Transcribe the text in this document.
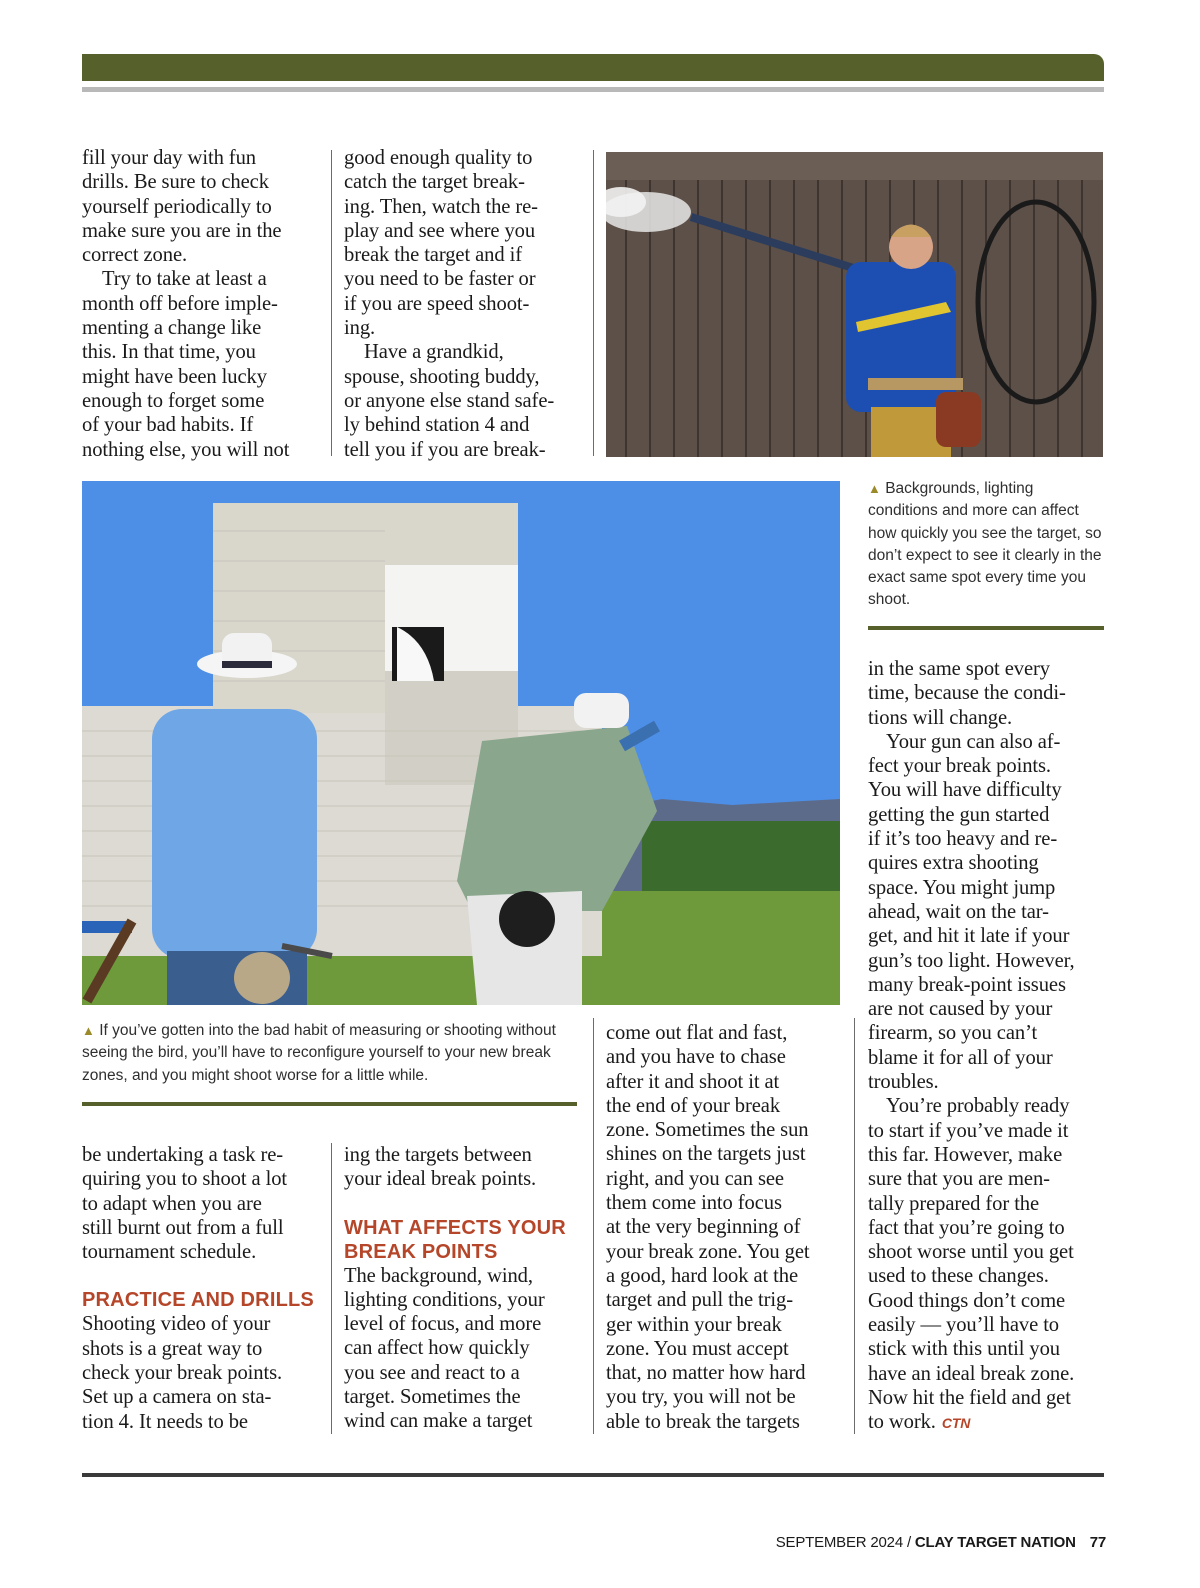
fill your day with fun
drills. Be sure to check
yourself periodically to
make sure you are in the
correct zone.

Try to take at least a
month off before imple-
menting a change like
this. In that time, you
might have been lucky
enough to forget some
of your bad habits. If
nothing else, you will not

good enough quality to
catch the target break-
ing. Then, watch the re-
play and see where you
break the target and if
you need to be faster or
if you are speed shoot-
ing.

Have a grandkid,
spouse, shooting buddy,
or anyone else stand safe-
ly behind station 4 and
tell you if you are break-

▲ Backgrounds, lighting conditions and more can affect how quickly you see the target, so don’t expect to see it clearly in the exact same spot every time you shoot.

in the same spot every
time, because the condi-
tions will change.

Your gun can also af-
fect your break points.
You will have difficulty
getting the gun started
if it’s too heavy and re-
quires extra shooting
space. You might jump
ahead, wait on the tar-
get, and hit it late if your
gun’s too light. However,
many break-point issues
are not caused by your
firearm, so you can’t
blame it for all of your
troubles.

You’re probably ready
to start if you’ve made it
this far. However, make
sure that you are men-
tally prepared for the
fact that you’re going to
shoot worse until you get
used to these changes.
Good things don’t come
easily — you’ll have to
stick with this until you
have an ideal break zone.
Now hit the field and get
to work. CTN

▲ If you’ve gotten into the bad habit of measuring or shooting without seeing the bird, you’ll have to reconfigure yourself to your new break zones, and you might shoot worse for a little while.

come out flat and fast,
and you have to chase
after it and shoot it at
the end of your break
zone. Sometimes the sun
shines on the targets just
right, and you can see
them come into focus
at the very beginning of
your break zone. You get
a good, hard look at the
target and pull the trig-
ger within your break
zone. You must accept
that, no matter how hard
you try, you will not be
able to break the targets

be undertaking a task re-
quiring you to shoot a lot
to adapt when you are
still burnt out from a full
tournament schedule.

PRACTICE AND DRILLS

Shooting video of your
shots is a great way to
check your break points.
Set up a camera on sta-
tion 4. It needs to be

ing the targets between
your ideal break points.

WHAT AFFECTS YOUR
BREAK POINTS

The background, wind,
lighting conditions, your
level of focus, and more
can affect how quickly
you see and react to a
target. Sometimes the
wind can make a target

SEPTEMBER 2024 / CLAY TARGET NATION 77
